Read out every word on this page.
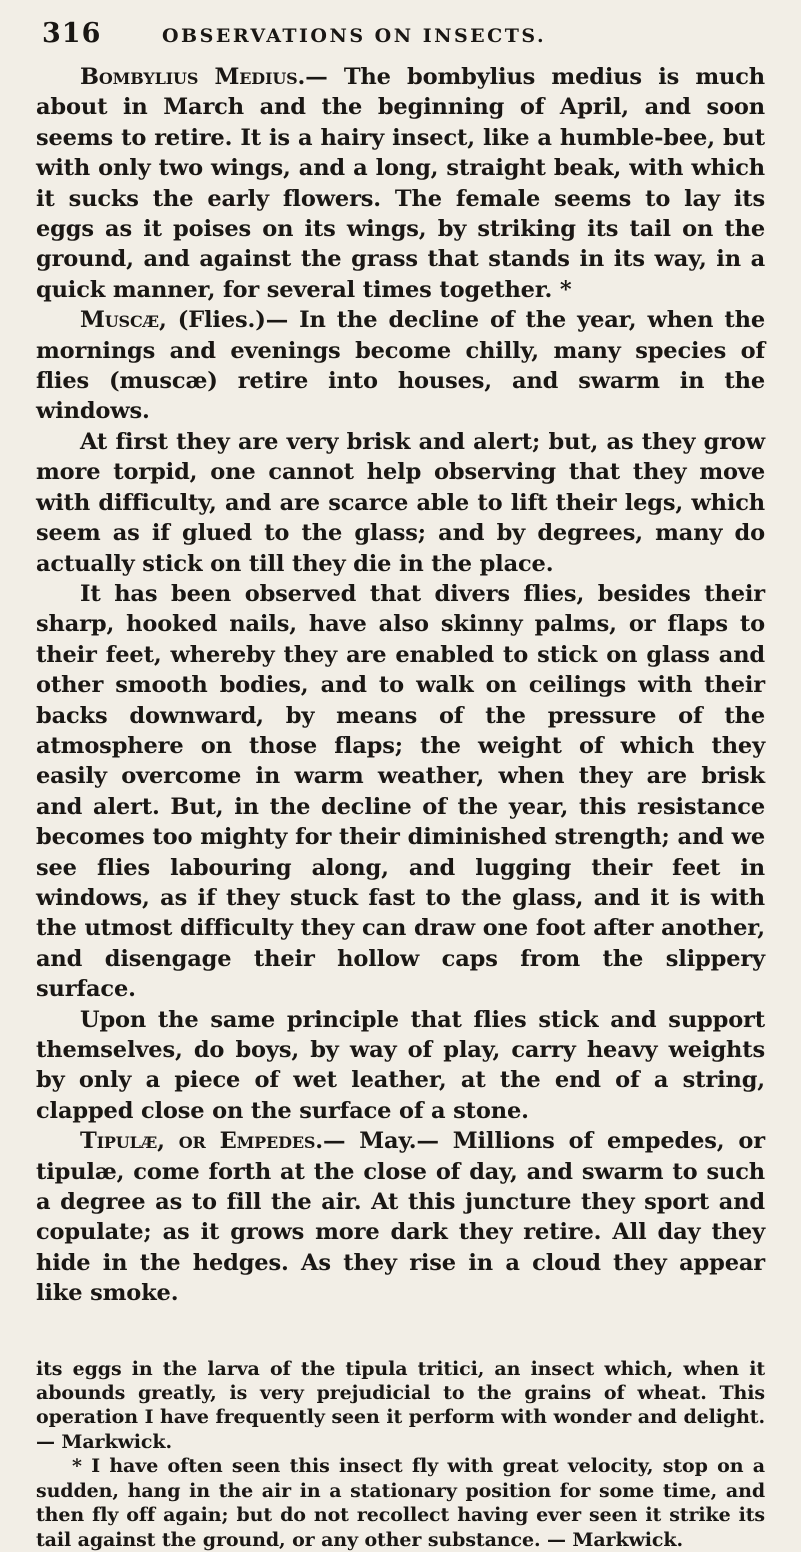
316	OBSERVATIONS ON INSECTS.

Bombylius Medius.— The bombylius medius is much about in March and the beginning of April, and soon seems to retire. It is a hairy insect, like a humble-bee, but with only two wings, and a long, straight beak, with which it sucks the early flowers. The female seems to lay its eggs as it poises on its wings, by striking its tail on the ground, and against the grass that stands in its way, in a quick manner, for several times together. *

Muscæ, (Flies.)— In the decline of the year, when the mornings and evenings become chilly, many species of flies (muscæ) retire into houses, and swarm in the windows.

At first they are very brisk and alert; but, as they grow more torpid, one cannot help observing that they move with difficulty, and are scarce able to lift their legs, which seem as if glued to the glass; and by degrees, many do actually stick on till they die in the place.

It has been observed that divers flies, besides their sharp, hooked nails, have also skinny palms, or flaps to their feet, whereby they are enabled to stick on glass and other smooth bodies, and to walk on ceilings with their backs downward, by means of the pressure of the atmosphere on those flaps; the weight of which they easily overcome in warm weather, when they are brisk and alert. But, in the decline of the year, this resistance becomes too mighty for their diminished strength; and we see flies labouring along, and lugging their feet in windows, as if they stuck fast to the glass, and it is with the utmost difficulty they can draw one foot after another, and disengage their hollow caps from the slippery surface.

Upon the same principle that flies stick and support themselves, do boys, by way of play, carry heavy weights by only a piece of wet leather, at the end of a string, clapped close on the surface of a stone.

Tipulæ, or Empedes.— May.— Millions of empedes, or tipulæ, come forth at the close of day, and swarm to such a degree as to fill the air. At this juncture they sport and copulate; as it grows more dark they retire. All day they hide in the hedges. As they rise in a cloud they appear like smoke.

its eggs in the larva of the tipula tritici, an insect which, when it abounds greatly, is very prejudicial to the grains of wheat. This operation I have frequently seen it perform with wonder and delight. — Markwick.

* I have often seen this insect fly with great velocity, stop on a sudden, hang in the air in a stationary position for some time, and then fly off again; but do not recollect having ever seen it strike its tail against the ground, or any other substance. — Markwick.
